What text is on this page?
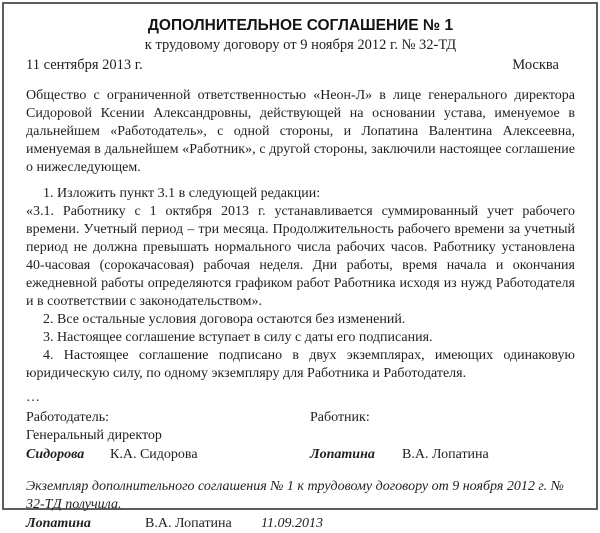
ДОПОЛНИТЕЛЬНОЕ СОГЛАШЕНИЕ № 1
к трудовому договору от 9 ноября 2012 г. № 32-ТД
11 сентября 2013 г.	Москва

Общество с ограниченной ответственностью «Неон-Л» в лице генерального директора Сидоровой Ксении Александровны, действующей на основании устава, именуемое в дальнейшем «Работодатель», с одной стороны, и Лопатина Валентина Алексеевна, именуемая в дальнейшем «Работник», с другой стороны, заключили настоящее соглашение о нижеследующем.

1. Изложить пункт 3.1 в следующей редакции:

«3.1. Работнику с 1 октября 2013 г. устанавливается суммированный учет рабочего времени. Учетный период – три месяца. Продолжительность рабочего времени за учетный период не должна превышать нормального числа рабочих часов. Работнику установлена 40-часовая (сорокачасовая) рабочая неделя. Дни работы, время начала и окончания ежедневной работы определяются графиком работ Работника исходя из нужд Работодателя и в соответствии с законодательством».

2. Все остальные условия договора остаются без изменений.

3. Настоящее соглашение вступает в силу с даты его подписания.

4. Настоящее соглашение подписано в двух экземплярах, имеющих одинаковую юридическую силу, по одному экземпляру для Работника и Работодателя.

…
Работодатель:
Генеральный директор
Сидорова	К.А. Сидорова
Работник:
Лопатина	В.А. Лопатина

Экземпляр дополнительного соглашения № 1 к трудовому договору от 9 ноября 2012 г. № 32-ТД получила.

Лопатина	В.А. Лопатина	11.09.2013
